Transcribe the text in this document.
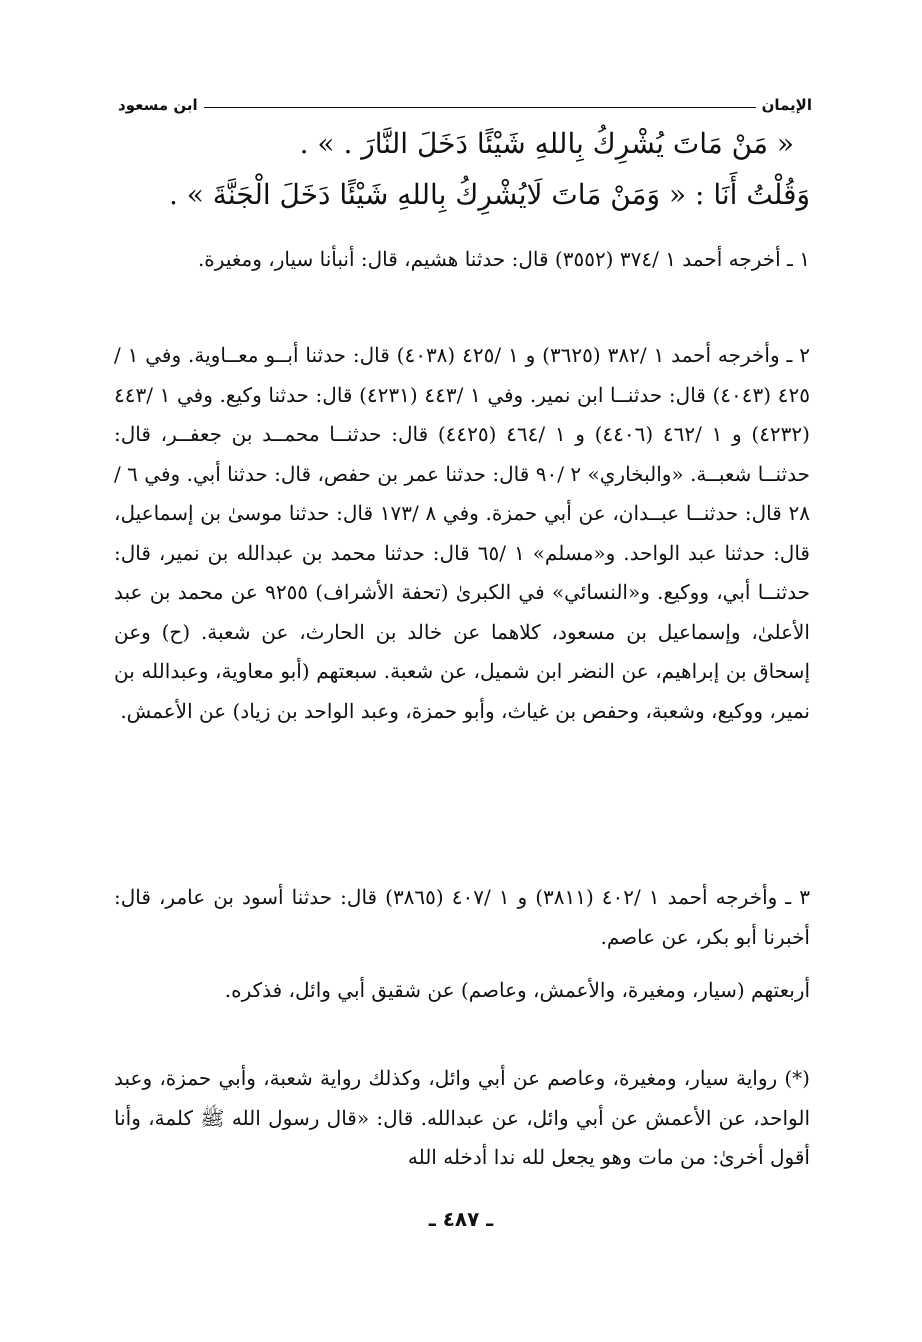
الإيمان
ابن مسعود
« مَنْ مَاتَ يُشْرِكُ بِاللهِ شَيْئًا دَخَلَ النَّارَ . » .
وَقُلْتُ أَنَا : « وَمَنْ مَاتَ لَايُشْرِكُ بِاللهِ شَيْئًا دَخَلَ الْجَنَّةَ » .
١ ـ أخرجه أحمد ١ /٣٧٤ (٣٥٥٢) قال: حدثنا هشيم، قال: أنبأنا سيار، ومغيرة.
٢ ـ وأخرجه أحمد ١ /٣٨٢ (٣٦٢٥) و ١ /٤٢٥ (٤٠٣٨) قال: حدثنا أبــو معــاوية. وفي ١ /٤٢٥ (٤٠٤٣) قال: حدثنــا ابن نمير. وفي ١ /٤٤٣ (٤٢٣١) قال: حدثنا وكيع. وفي ١ /٤٤٣ (٤٢٣٢) و ١ /٤٦٢ (٤٤٠٦) و ١ /٤٦٤ (٤٤٢٥) قال: حدثنــا محمــد بن جعفــر، قال: حدثنــا شعبــة. «والبخاري» ٢ /٩٠ قال: حدثنا عمر بن حفص، قال: حدثنا أبي. وفي ٦ /٢٨ قال: حدثنــا عبــدان، عن أبي حمزة. وفي ٨ /١٧٣ قال: حدثنا موسىٰ بن إسماعيل، قال: حدثنا عبد الواحد. و«مسلم» ١ /٦٥ قال: حدثنا محمد بن عبدالله بن نمير، قال: حدثنــا أبي، ووكيع. و«النسائي» في الكبرىٰ (تحفة الأشراف) ٩٢٥٥ عن محمد بن عبد الأعلىٰ، وإسماعيل بن مسعود، كلاهما عن خالد بن الحارث، عن شعبة. (ح) وعن إسحاق بن إبراهيم، عن النضر ابن شميل، عن شعبة. سبعتهم (أبو معاوية، وعبدالله بن نمير، ووكيع، وشعبة، وحفص بن غياث، وأبو حمزة، وعبد الواحد بن زياد) عن الأعمش.
٣ ـ وأخرجه أحمد ١ /٤٠٢ (٣٨١١) و ١ /٤٠٧ (٣٨٦٥) قال: حدثنا أسود بن عامر، قال: أخبرنا أبو بكر، عن عاصم.
أربعتهم (سيار، ومغيرة، والأعمش، وعاصم) عن شقيق أبي وائل، فذكره.
(*) رواية سيار، ومغيرة، وعاصم عن أبي وائل، وكذلك رواية شعبة، وأبي حمزة، وعبد الواحد، عن الأعمش عن أبي وائل، عن عبدالله. قال: «قال رسول الله ﷺ كلمة، وأنا أقول أخرىٰ: من مات وهو يجعل لله ندا أدخله الله
ـ ٤٨٧ ـ
